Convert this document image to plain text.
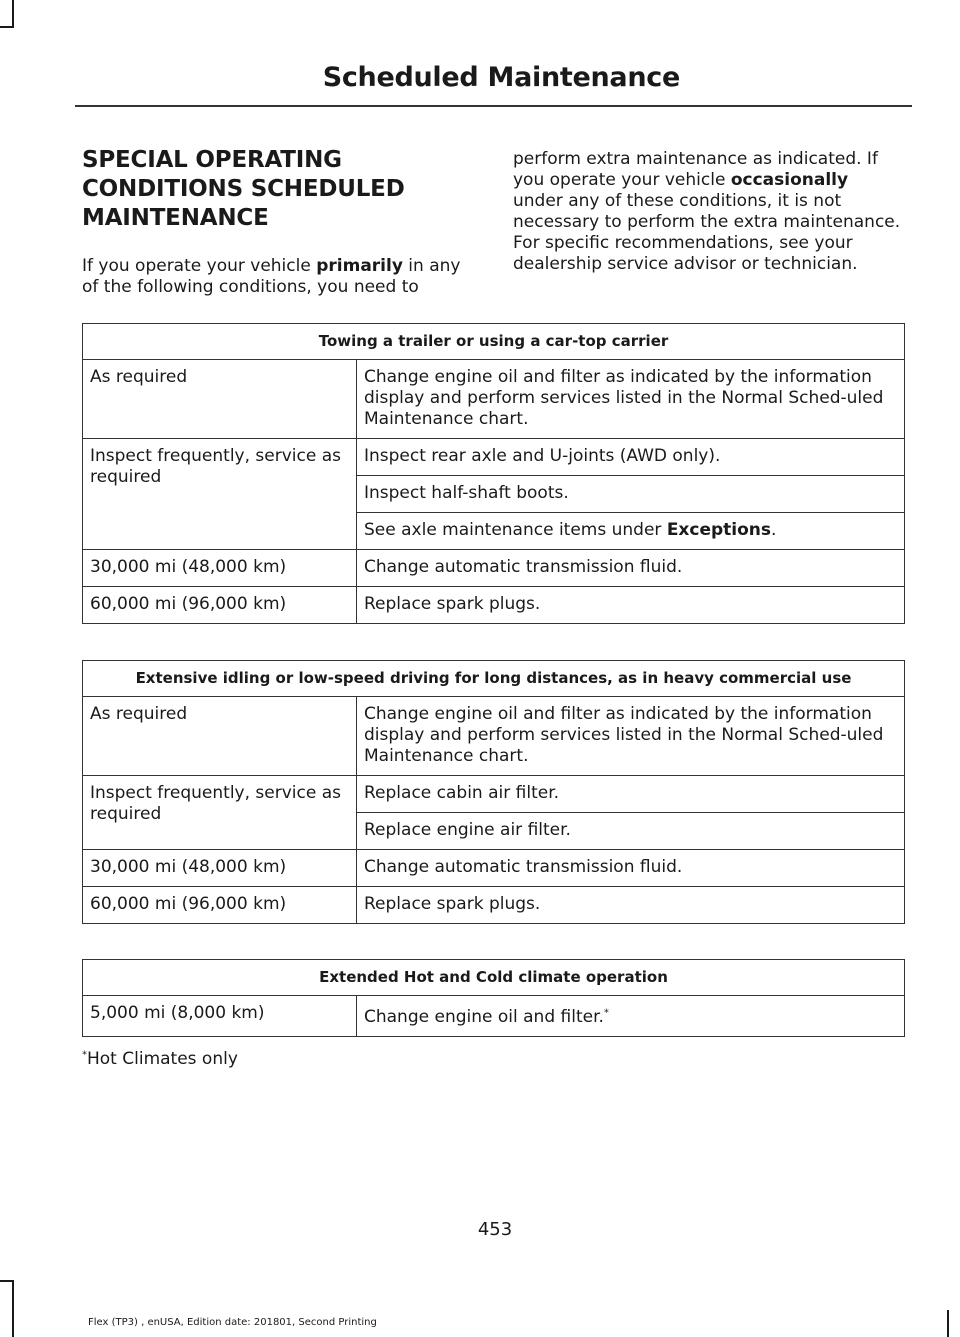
Scheduled Maintenance
SPECIAL OPERATING CONDITIONS SCHEDULED MAINTENANCE
If you operate your vehicle primarily in any of the following conditions, you need to
perform extra maintenance as indicated. If you operate your vehicle occasionally under any of these conditions, it is not necessary to perform the extra maintenance. For specific recommendations, see your dealership service advisor or technician.
Towing a trailer or using a car-top carrier	
As required	Change engine oil and filter as indicated by the information display and perform services listed in the Normal Sched-uled Maintenance chart.
Inspect frequently, service as required	Inspect rear axle and U-joints (AWD only).
	Inspect half-shaft boots.
	See axle maintenance items under Exceptions.
30,000 mi (48,000 km)	Change automatic transmission fluid.
60,000 mi (96,000 km)	Replace spark plugs.
Extensive idling or low-speed driving for long distances, as in heavy commercial use	
As required	Change engine oil and filter as indicated by the information display and perform services listed in the Normal Sched-uled Maintenance chart.
Inspect frequently, service as required	Replace cabin air filter.
	Replace engine air filter.
30,000 mi (48,000 km)	Change automatic transmission fluid.
60,000 mi (96,000 km)	Replace spark plugs.
Extended Hot and Cold climate operation
5,000 mi (8,000 km)	Change engine oil and filter.*
*Hot Climates only
453
Flex (TP3) , enUSA, Edition date: 201801, Second Printing
